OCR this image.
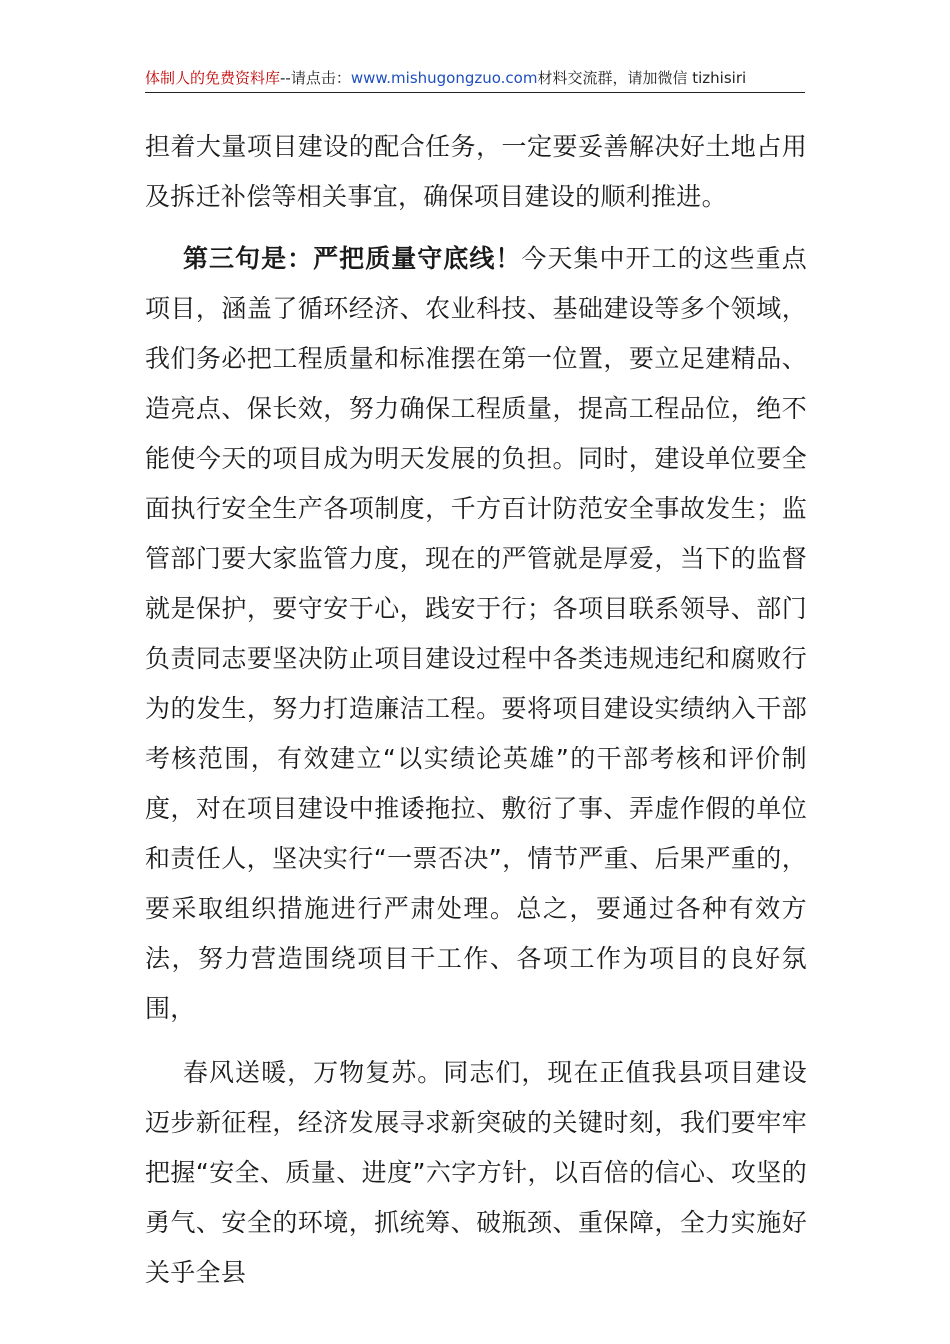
体制人的免费资料库--请点击：www.mishugongzuo.com材料交流群，请加微信 tizhisiri

担着大量项目建设的配合任务，一定要妥善解决好土地占用及拆迁补偿等相关事宜，确保项目建设的顺利推进。

第三句是：严把质量守底线！今天集中开工的这些重点项目，涵盖了循环经济、农业科技、基础建设等多个领域，我们务必把工程质量和标准摆在第一位置，要立足建精品、造亮点、保长效，努力确保工程质量，提高工程品位，绝不能使今天的项目成为明天发展的负担。同时，建设单位要全面执行安全生产各项制度，千方百计防范安全事故发生；监管部门要大家监管力度，现在的严管就是厚爱，当下的监督就是保护，要守安于心，践安于行；各项目联系领导、部门负责同志要坚决防止项目建设过程中各类违规违纪和腐败行为的发生，努力打造廉洁工程。要将项目建设实绩纳入干部考核范围，有效建立“以实绩论英雄”的干部考核和评价制度，对在项目建设中推诿拖拉、敷衍了事、弄虚作假的单位和责任人，坚决实行“一票否决”，情节严重、后果严重的，要采取组织措施进行严肃处理。总之，要通过各种有效方法，努力营造围绕项目干工作、各项工作为项目的良好氛围，

春风送暖，万物复苏。同志们，现在正值我县项目建设迈步新征程，经济发展寻求新突破的关键时刻，我们要牢牢把握“安全、质量、进度”六字方针，以百倍的信心、攻坚的勇气、安全的环境，抓统筹、破瓶颈、重保障，全力实施好关乎全县
